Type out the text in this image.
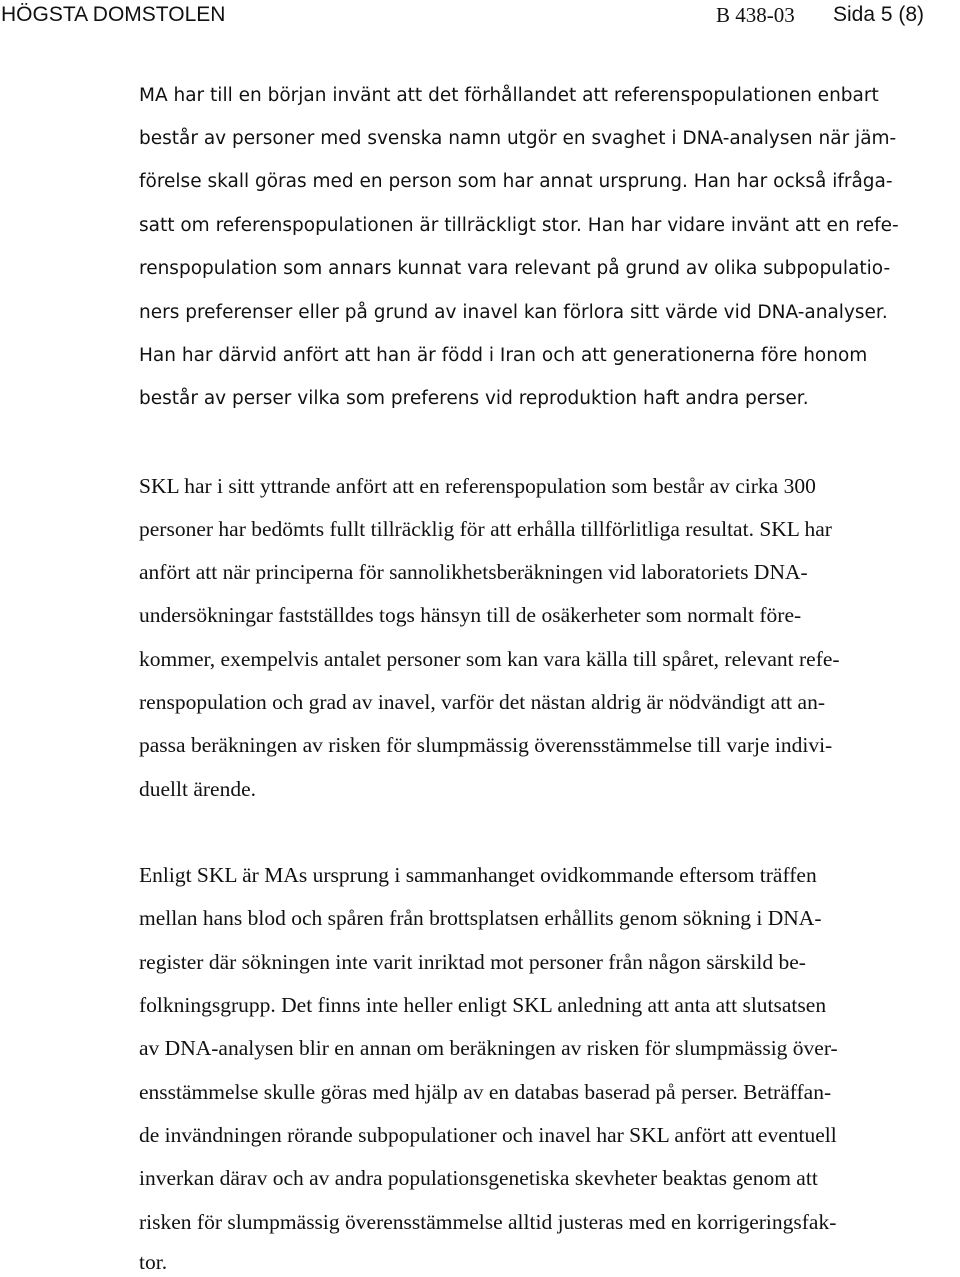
HÖGSTA DOMSTOLEN	B 438-03 Sida 5 (8)
MA har till en början invänt att det förhållandet att referenspopulationen enbart
består av personer med svenska namn utgör en svaghet i DNA-analysen när jäm-
förelse skall göras med en person som har annat ursprung. Han har också ifråga-
satt om referenspopulationen är tillräckligt stor. Han har vidare invänt att en refe-
renspopulation som annars kunnat vara relevant på grund av olika subpopulatio-
ners preferenser eller på grund av inavel kan förlora sitt värde vid DNA-analyser.
Han har därvid anfört att han är född i Iran och att generationerna före honom
består av perser vilka som preferens vid reproduktion haft andra perser.
SKL har i sitt yttrande anfört att en referenspopulation som består av cirka 300
personer har bedömts fullt tillräcklig för att erhålla tillförlitliga resultat. SKL har
anfört att när principerna för sannolikhetsberäkningen vid laboratoriets DNA-
undersökningar fastställdes togs hänsyn till de osäkerheter som normalt före-
kommer, exempelvis antalet personer som kan vara källa till spåret, relevant refe-
renspopulation och grad av inavel, varför det nästan aldrig är nödvändigt att an-
passa beräkningen av risken för slumpmässig överensstämmelse till varje indivi-
duellt ärende.
Enligt SKL är MAs ursprung i sammanhanget ovidkommande eftersom träffen
mellan hans blod och spåren från brottsplatsen erhållits genom sökning i DNA-
register där sökningen inte varit inriktad mot personer från någon särskild be-
folkningsgrupp. Det finns inte heller enligt SKL anledning att anta att slutsatsen
av DNA-analysen blir en annan om beräkningen av risken för slumpmässig över-
ensstämmelse skulle göras med hjälp av en databas baserad på perser. Beträffan-
de invändningen rörande subpopulationer och inavel har SKL anfört att eventuell
inverkan därav och av andra populationsgenetiska skevheter beaktas genom att
risken för slumpmässig överensstämmelse alltid justeras med en korrigeringsfak-
tor.
